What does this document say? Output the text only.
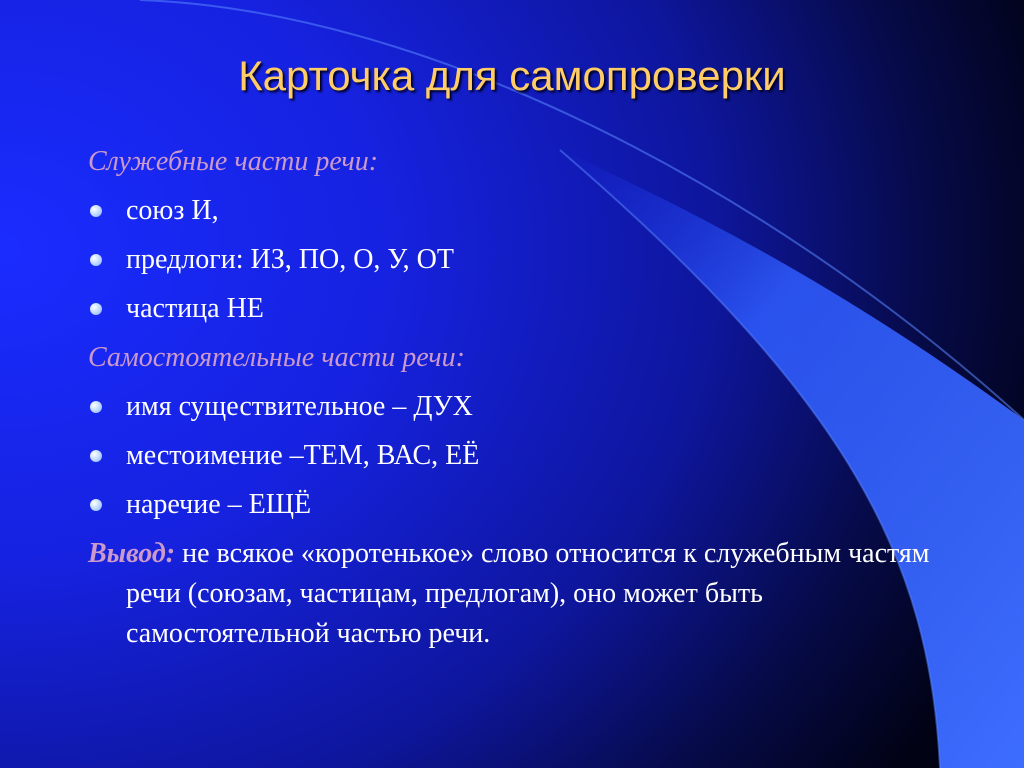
Карточка для самопроверки
Служебные части речи:
союз И,
предлоги: ИЗ, ПО, О, У, ОТ
частица НЕ
Самостоятельные части речи:
имя существительное – ДУХ
местоимение –ТЕМ, ВАС, ЕЁ
наречие – ЕЩЁ
Вывод: не всякое «коротенькое» слово относится к служебным частям речи (союзам, частицам, предлогам), оно может быть самостоятельной частью речи.
